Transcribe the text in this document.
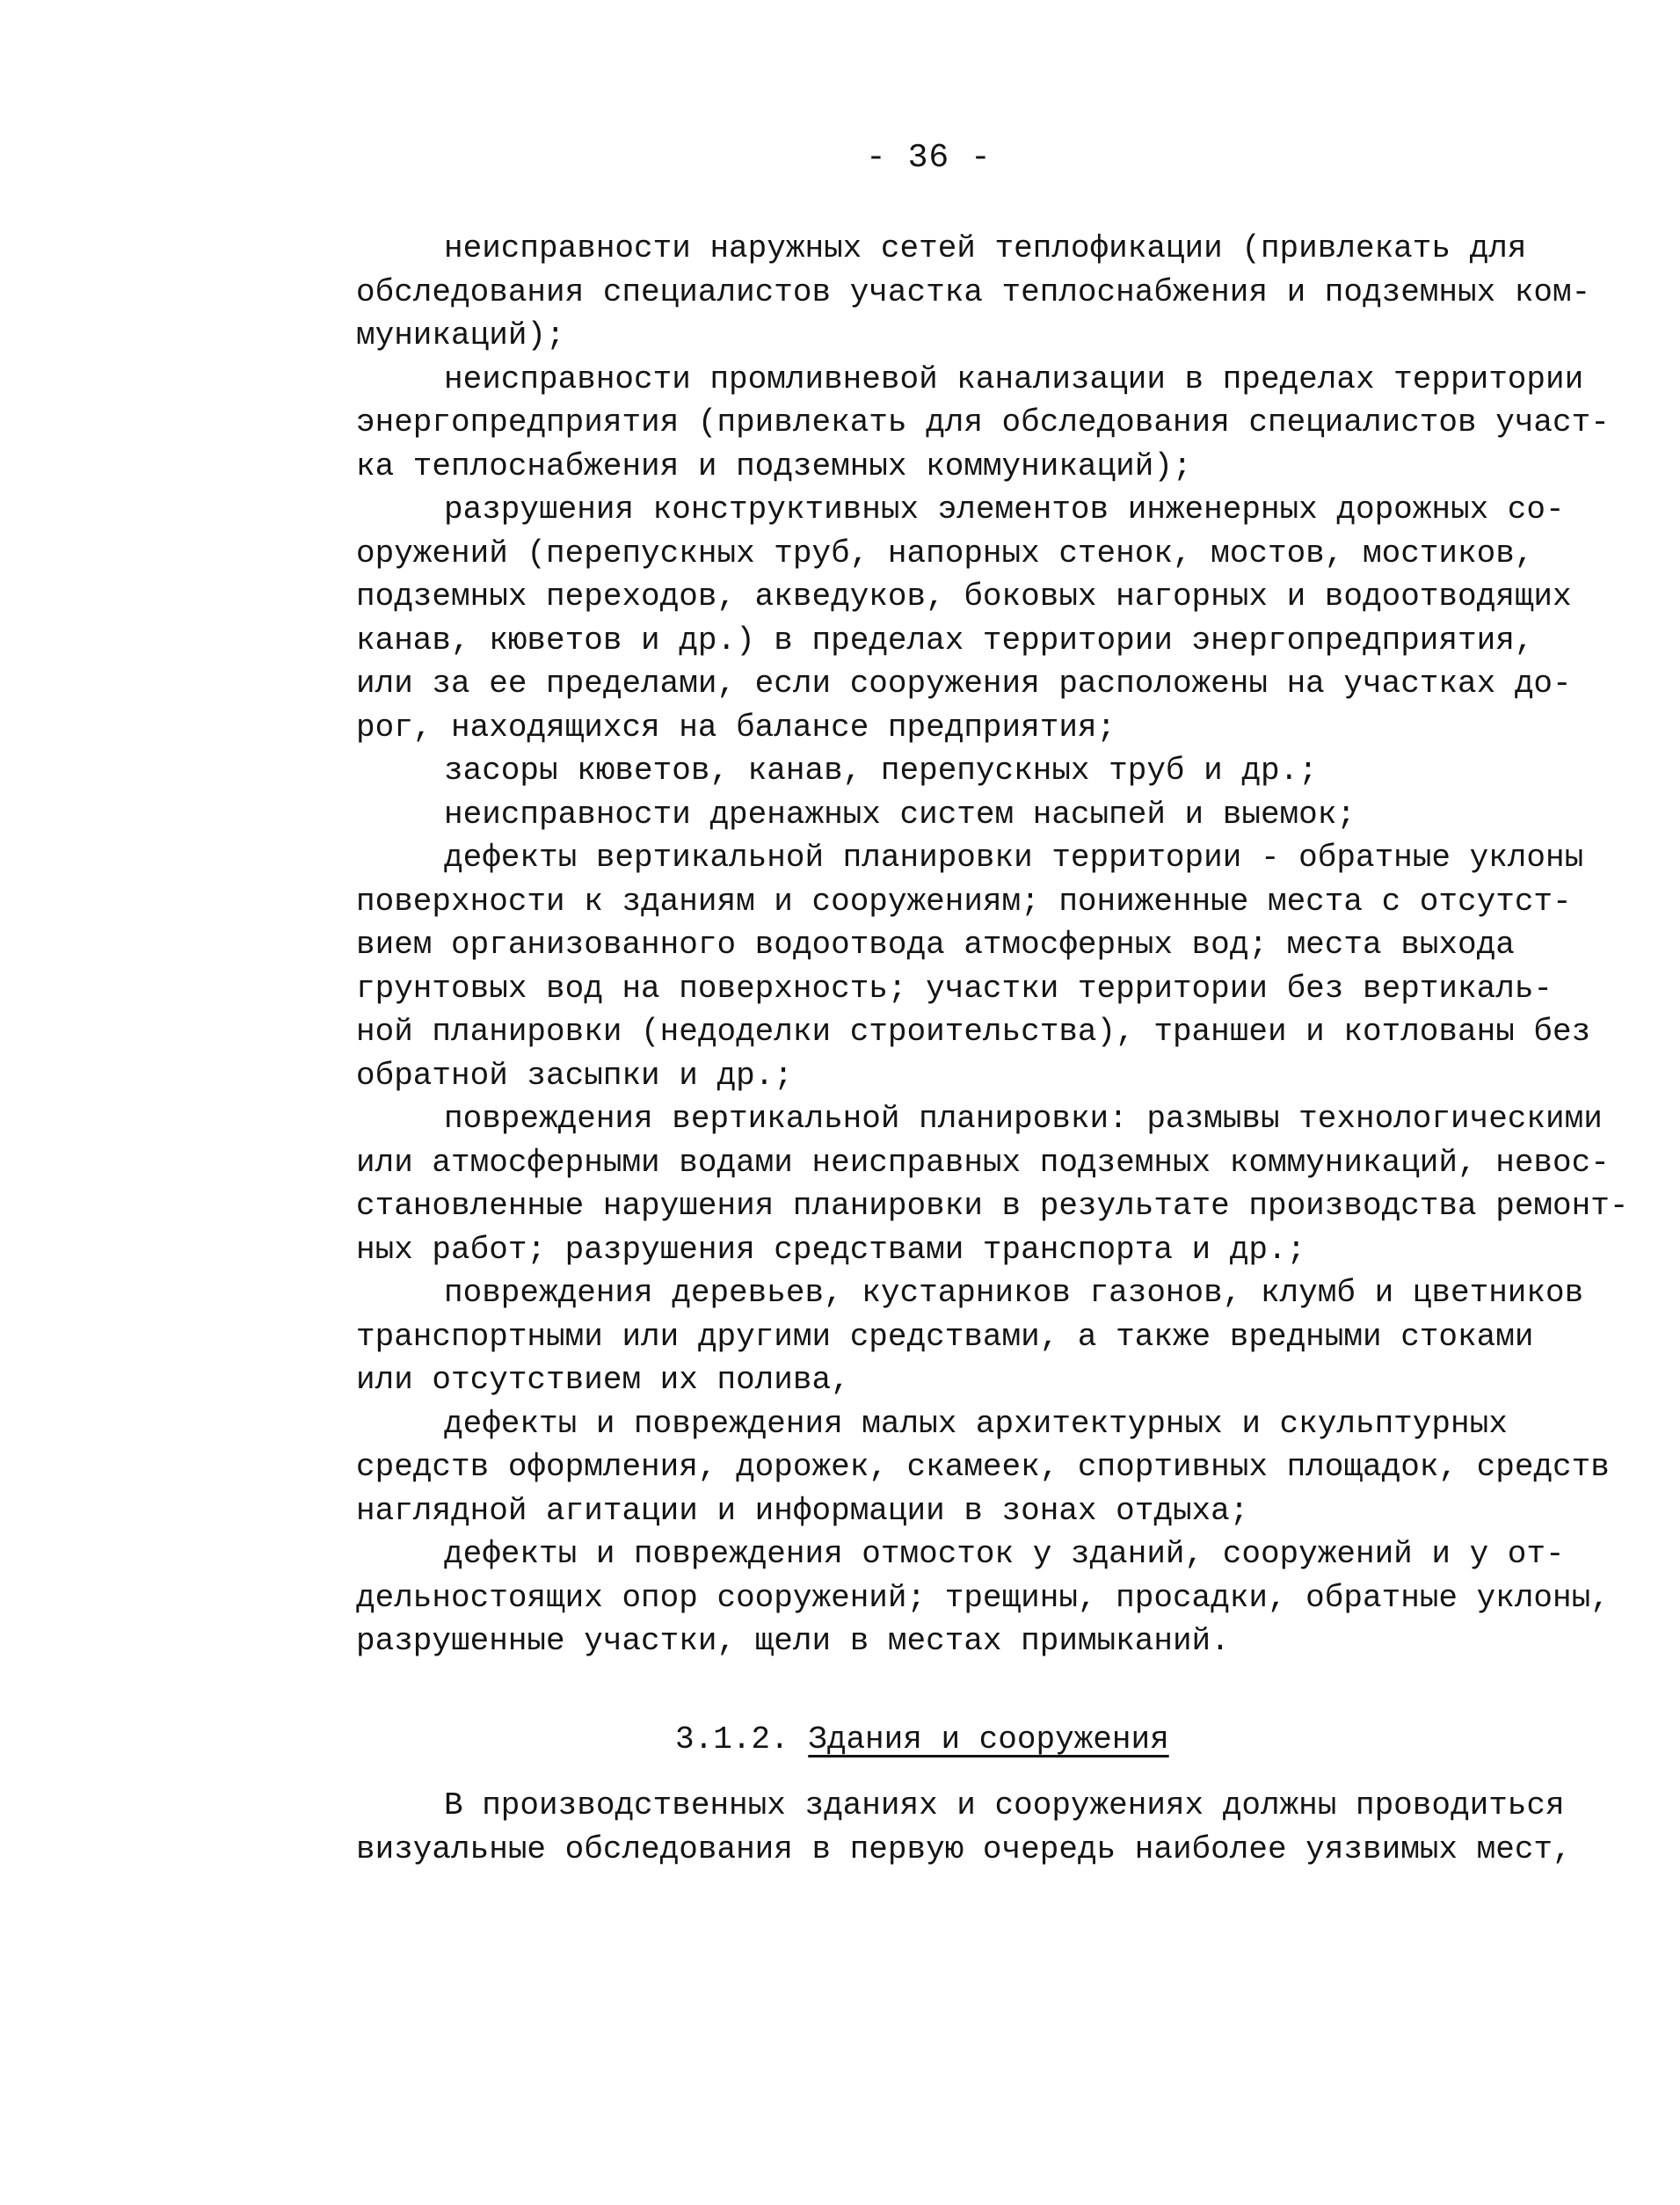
- 36 -
неисправности наружных сетей теплофикации (привлекать для
обследования специалистов участка теплоснабжения и подземных ком-
муникаций);
неисправности промливневой канализации в пределах территории
энергопредприятия (привлекать для обследования специалистов участ-
ка теплоснабжения и подземных коммуникаций);
разрушения конструктивных элементов инженерных дорожных со-
оружений (перепускных труб, напорных стенок, мостов, мостиков,
подземных переходов, акведуков, боковых нагорных и водоотводящих
канав, кюветов и др.) в пределах территории энергопредприятия,
или за ее пределами, если сооружения расположены на участках до-
рог, находящихся на балансе предприятия;
засоры кюветов, канав, перепускных труб и др.;
неисправности дренажных систем насыпей и выемок;
дефекты вертикальной планировки территории - обратные уклоны
поверхности к зданиям и сооружениям; пониженные места с отсутст-
вием организованного водоотвода атмосферных вод; места выхода
грунтовых вод на поверхность; участки территории без вертикаль-
ной планировки (недоделки строительства), траншеи и котлованы без
обратной засыпки и др.;
повреждения вертикальной планировки: размывы технологическими
или атмосферными водами неисправных подземных коммуникаций, невос-
становленные нарушения планировки в результате производства ремонт-
ных работ; разрушения средствами транспорта и др.;
повреждения деревьев, кустарников газонов, клумб и цветников
транспортными или другими средствами, а также вредными стоками
или отсутствием их полива,
дефекты и повреждения малых архитектурных и скульптурных
средств оформления, дорожек, скамеек, спортивных площадок, средств
наглядной агитации и информации в зонах отдыха;
дефекты и повреждения отмосток у зданий, сооружений и у от-
дельностоящих опор сооружений; трещины, просадки, обратные уклоны,
разрушенные участки, щели в местах примыканий.
3.1.2. Здания и сооружения
В производственных зданиях и сооружениях должны проводиться
визуальные обследования в первую очередь наиболее уязвимых мест,
